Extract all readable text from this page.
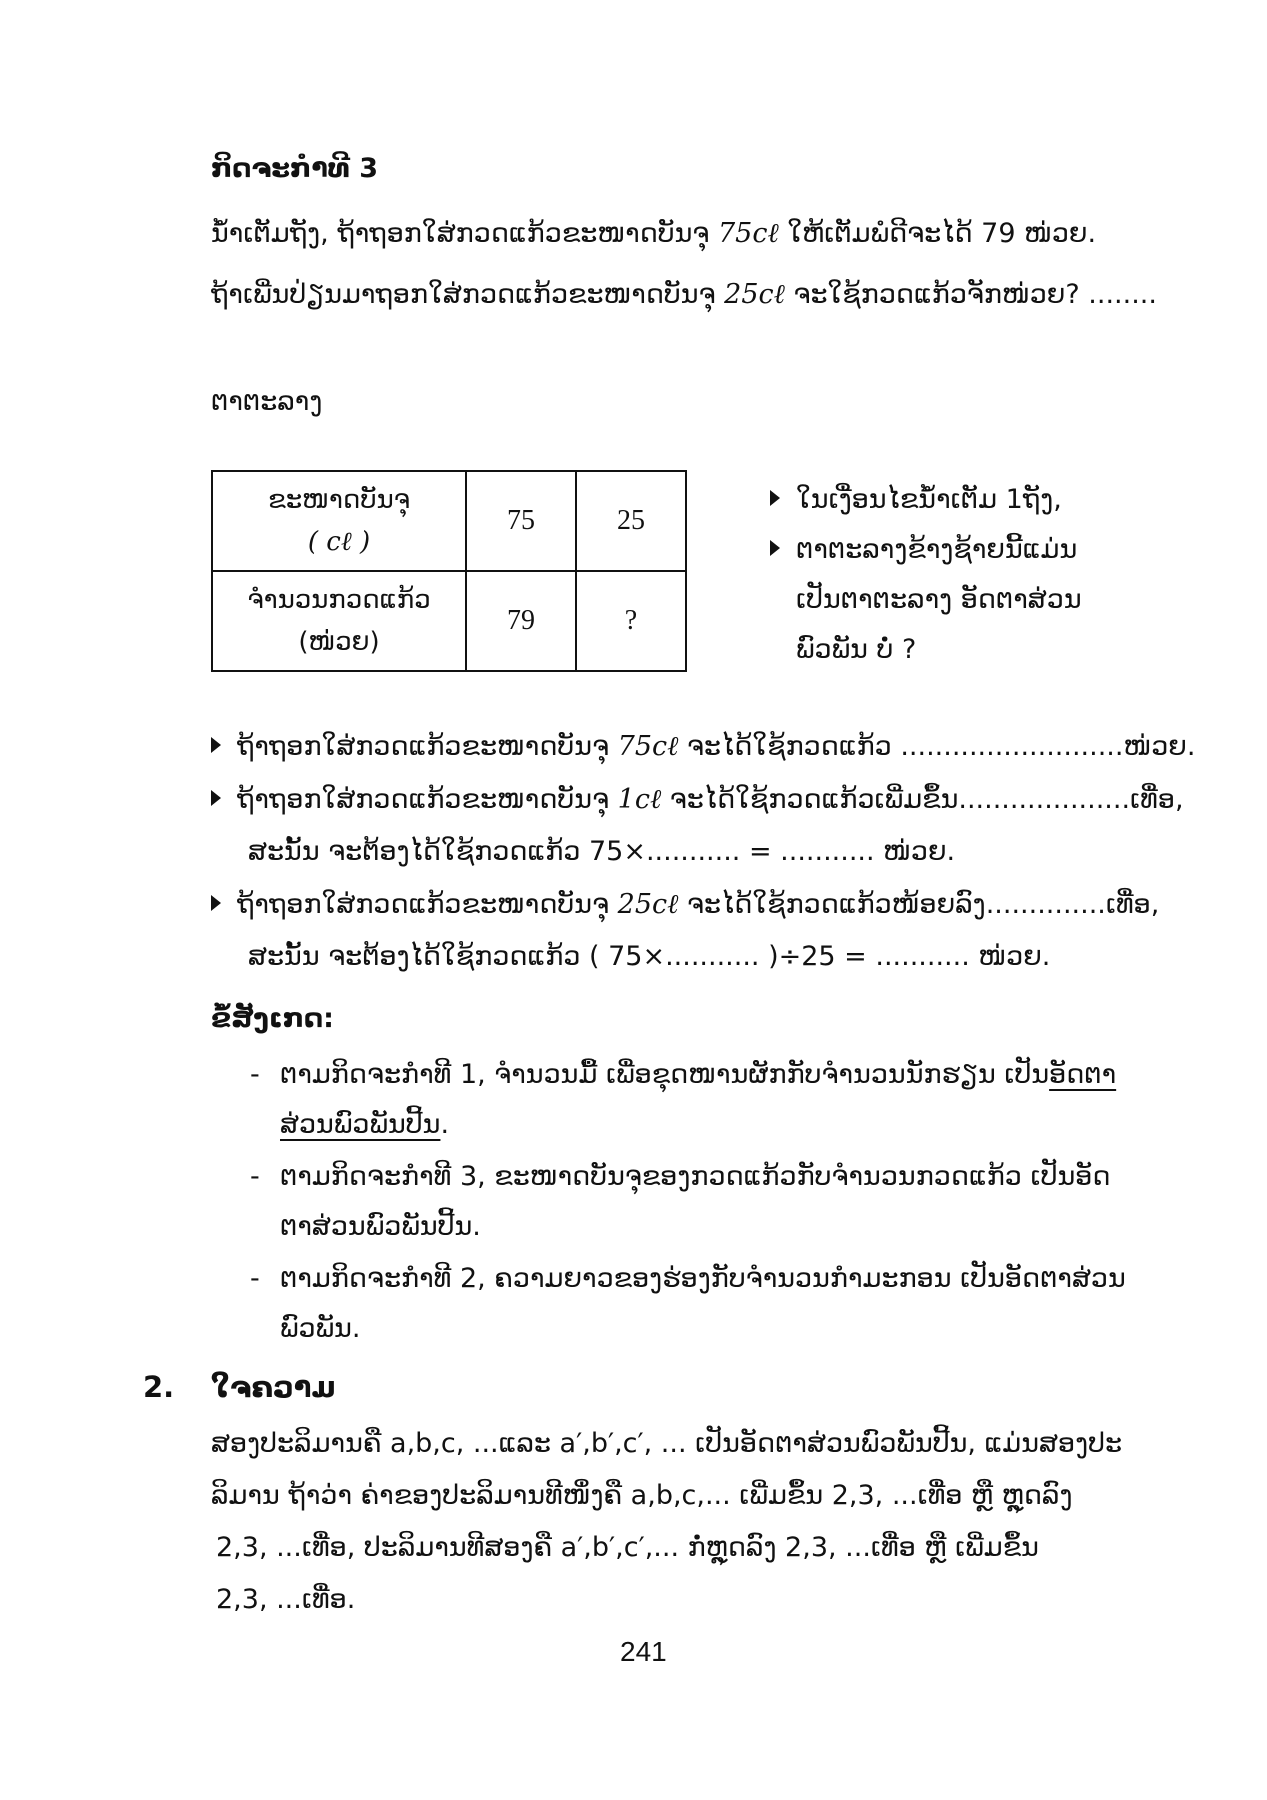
ກິດຈະກຳທີ 3
ນ້ຳເຕັມຖັງ, ຖ້າຖອກໃສ່ກວດແກ້ວຂະໜາດບັນຈຸ 75cℓ ໃຫ້ເຕັມພໍດີຈະໄດ້ 79 ໜ່ວຍ.
ຖ້າເພີ່ນປ່ຽນມາຖອກໃສ່ກວດແກ້ວຂະໜາດບັນຈຸ 25cℓ ຈະໃຊ້ກວດແກ້ວຈັກໜ່ວຍ? ........
ຕາຕະລາງ
ຂະໜາດບັນຈຸ
( cℓ )	75	25

ຈຳນວນກວດແກ້ວ
(ໜ່ວຍ)	79	?
ໃນເງື່ອນໄຂນ້ຳເຕັມ 1ຖັງ,
ຕາຕະລາງຂ້າງຊ້າຍນີ້ແມ່ນ
ເປັນຕາຕະລາງ ອັດຕາສ່ວນ
ພົວພັນ ບໍ່ ?
ຖ້າຖອກໃສ່ກວດແກ້ວຂະໜາດບັນຈຸ 75cℓ ຈະໄດ້ໃຊ້ກວດແກ້ວ ..........................ໜ່ວຍ.
ຖ້າຖອກໃສ່ກວດແກ້ວຂະໜາດບັນຈຸ 1cℓ ຈະໄດ້ໃຊ້ກວດແກ້ວເພີ່ມຂຶ້ນ....................ເທື່ອ,
ສະນັ້ນ ຈະຕ້ອງໄດ້ໃຊ້ກວດແກ້ວ 75×........... = ........... ໜ່ວຍ.
ຖ້າຖອກໃສ່ກວດແກ້ວຂະໜາດບັນຈຸ 25cℓ ຈະໄດ້ໃຊ້ກວດແກ້ວໜ້ອຍລົງ..............ເທື່ອ,
ສະນັ້ນ ຈະຕ້ອງໄດ້ໃຊ້ກວດແກ້ວ ( 75×........... )÷25 = ........... ໜ່ວຍ.
ຂໍ້ສັງເກດ:
- ຕາມກິດຈະກຳທີ 1, ຈຳນວນມື້ ເພື່ອຂຸດໜານຜັກກັບຈຳນວນນັກຮຽນ ເປັນອັດຕາ
ສ່ວນພົວພັນປີ້ນ.
- ຕາມກິດຈະກຳທີ 3, ຂະໜາດບັນຈຸຂອງກວດແກ້ວກັບຈຳນວນກວດແກ້ວ ເປັນອັດ
ຕາສ່ວນພົວພັນປີ້ນ.
- ຕາມກິດຈະກຳທີ 2, ຄວາມຍາວຂອງຮ່ອງກັບຈຳນວນກຳມະກອນ ເປັນອັດຕາສ່ວນ
ພົວພັນ.
2. ໃຈຄວາມ
ສອງປະລິມານຄື a,b,c, ...ແລະ a′,b′,c′, ... ເປັນອັດຕາສ່ວນພົວພັນປີ້ນ, ແມ່ນສອງປະ
ລິມານ ຖ້າວ່າ ຄ່າຂອງປະລິມານທີໜຶ່ງຄື a,b,c,... ເພີ່ມຂຶ້ນ 2,3, ...ເທື່ອ ຫຼື ຫຼຸດລົງ
2,3, ...ເທື່ອ, ປະລິມານທີສອງຄື a′,b′,c′,... ກໍ່ຫຼຸດລົງ 2,3, ...ເທື່ອ ຫຼື ເພີ່ມຂຶ້ນ
2,3, ...ເທື່ອ.
241
